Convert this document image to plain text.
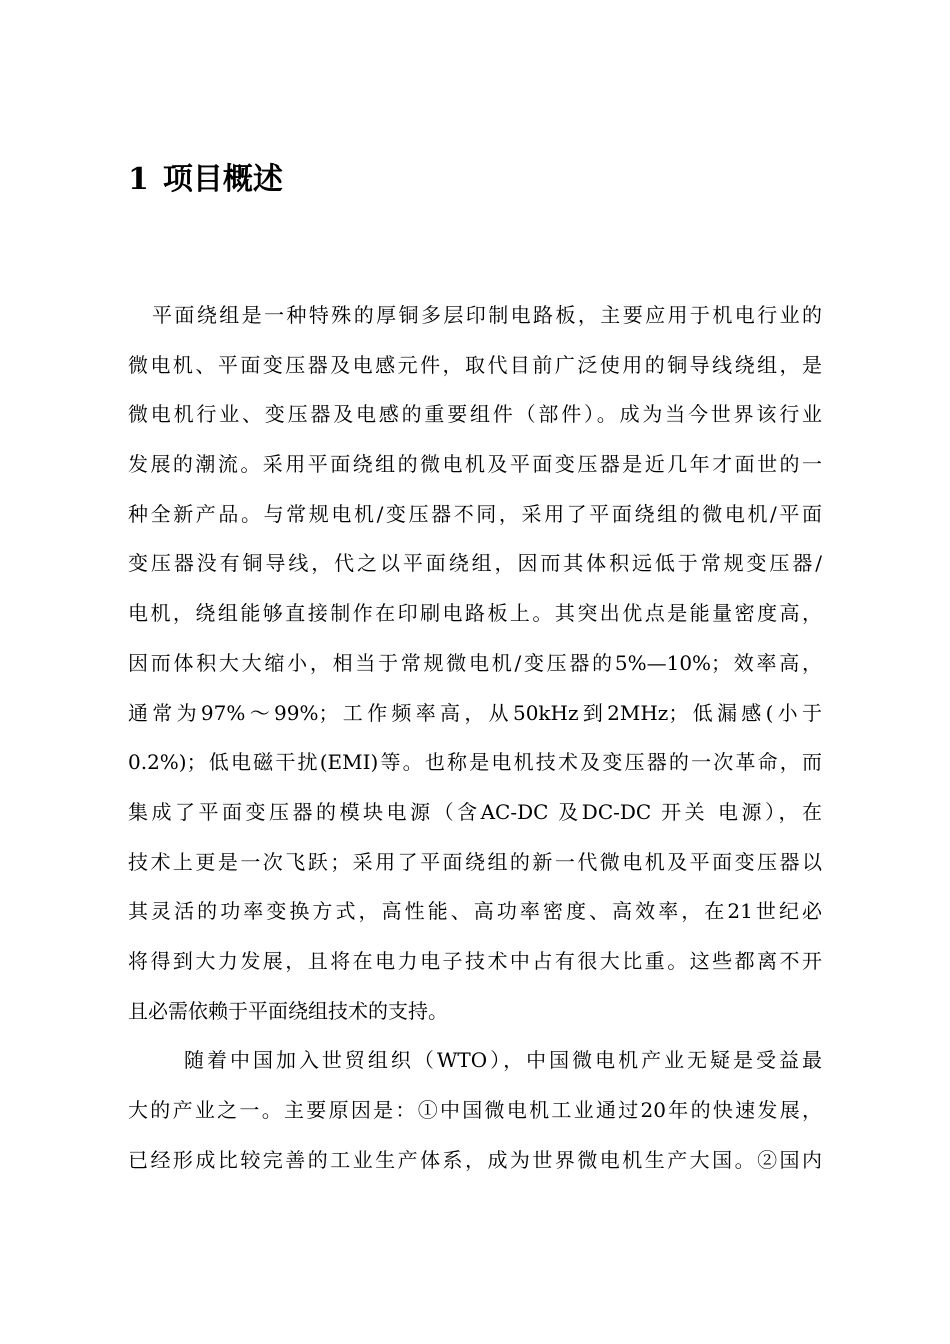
1 项目概述
平面绕组是一种特殊的厚铜多层印制电路板，主要应用于机电行业的
微电机、平面变压器及电感元件，取代目前广泛使用的铜导线绕组，是
微电机行业、变压器及电感的重要组件（部件）。成为当今世界该行业
发展的潮流。采用平面绕组的微电机及平面变压器是近几年才面世的一
种全新产品。与常规电机/变压器不同，采用了平面绕组的微电机/平面
变压器没有铜导线，代之以平面绕组，因而其体积远低于常规变压器/
电机，绕组能够直接制作在印刷电路板上。其突出优点是能量密度高，
因而体积大大缩小，相当于常规微电机/变压器的5%—10%；效率高，
通常为97%～99%；工作频率高，从50kHz到2MHz；低漏感(小于
0.2%)；低电磁干扰(EMI)等。也称是电机技术及变压器的一次革命，而
集成了平面变压器的模块电源（含AC-DC 及DC-DC 开关 电源），在
技术上更是一次飞跃；采用了平面绕组的新一代微电机及平面变压器以
其灵活的功率变换方式，高性能、高功率密度、高效率，在21世纪必
将得到大力发展，且将在电力电子技术中占有很大比重。这些都离不开
且必需依赖于平面绕组技术的支持。
随着中国加入世贸组织（WTO），中国微电机产业无疑是受益最
大的产业之一。主要原因是：①中国微电机工业通过20年的快速发展，
已经形成比较完善的工业生产体系，成为世界微电机生产大国。②国内
